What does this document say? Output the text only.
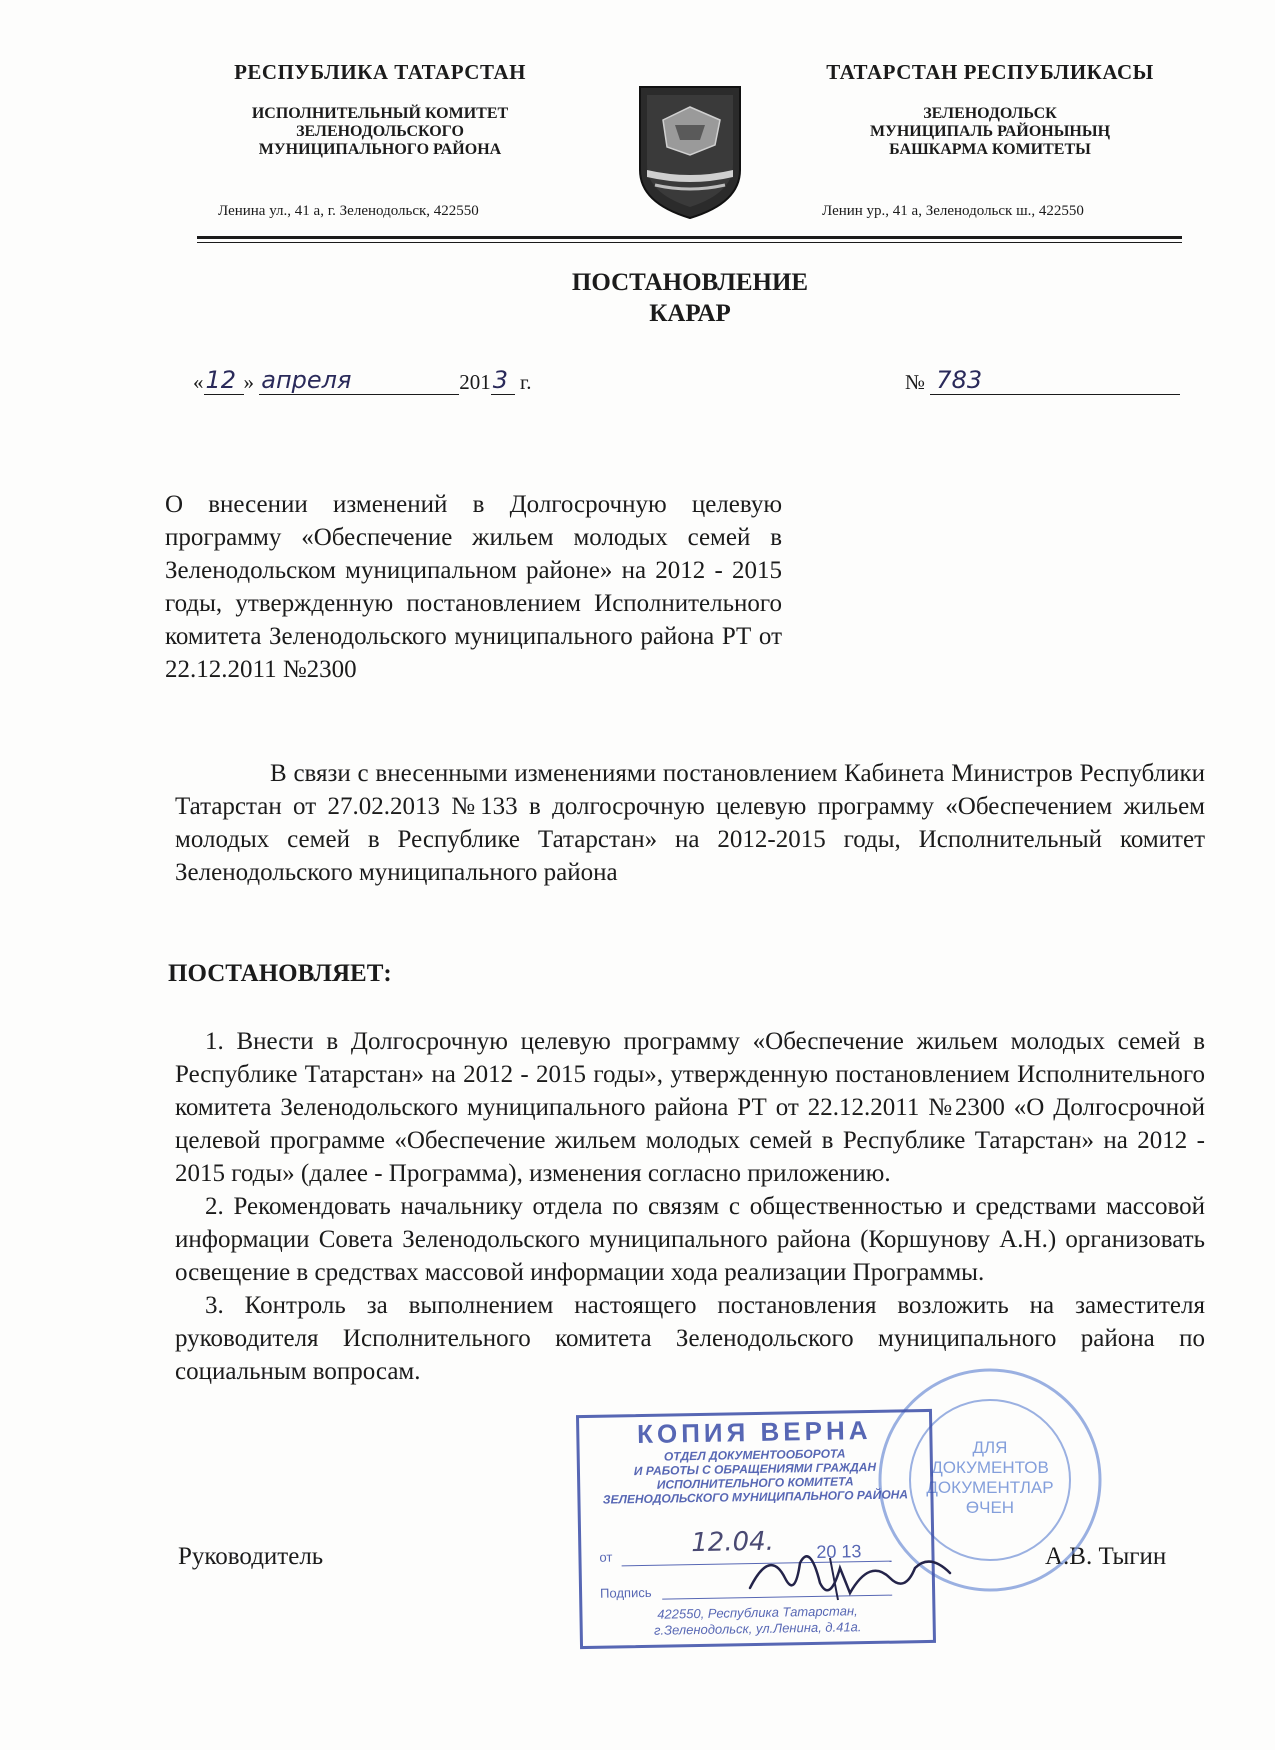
РЕСПУБЛИКА ТАТАРСТАН
ИСПОЛНИТЕЛЬНЫЙ КОМИТЕТ
ЗЕЛЕНОДОЛЬСКОГО
МУНИЦИПАЛЬНОГО РАЙОНА
Ленина ул., 41 а, г. Зеленодольск, 422550
ТАТАРСТАН РЕСПУБЛИКАСЫ
ЗЕЛЕНОДОЛЬСК
МУНИЦИПАЛЬ РАЙОНЫНЫҢ
БАШКАРМА КОМИТЕТЫ
Ленин ур., 41 а, Зеленодольск ш., 422550
ПОСТАНОВЛЕНИЕ
КАРАР
« 12 » апреля	201 3 г.	№ 783
О внесении изменений в Долгосрочную целевую программу «Обеспечение жильем молодых семей в Зеленодольском муниципальном районе» на 2012 - 2015 годы, утвержденную постановлением Исполнительного комитета Зеленодольского муниципального района РТ от 22.12.2011 №2300
В связи с внесенными изменениями постановлением Кабинета Министров Республики Татарстан от 27.02.2013 №133 в долгосрочную целевую программу «Обеспечением жильем молодых семей в Республике Татарстан» на 2012-2015 годы, Исполнительный комитет Зеленодольского муниципального района
ПОСТАНОВЛЯЕТ:

1. Внести в Долгосрочную целевую программу «Обеспечение жильем молодых семей в Республике Татарстан» на 2012 - 2015 годы», утвержденную постановлением Исполнительного комитета Зеленодольского муниципального района РТ от 22.12.2011 №2300 «О Долгосрочной целевой программе «Обеспечение жильем молодых семей в Республике Татарстан» на 2012 - 2015 годы» (далее - Программа), изменения согласно приложению.

2. Рекомендовать начальнику отдела по связям с общественностью и средствами массовой информации Совета Зеленодольского муниципального района (Коршунову А.Н.) организовать освещение в средствах массовой информации хода реализации Программы.

3. Контроль за выполнением настоящего постановления возложить на заместителя руководителя Исполнительного комитета Зеленодольского муниципального района по социальным вопросам.

Руководитель	А.В. Тыгин
ДЛЯ
ДОКУМЕНТОВ
ДОКУМЕНТЛАР
ӨЧЕН
КОПИЯ ВЕРНА
ОТДЕЛ ДОКУМЕНТООБОРОТА
И РАБОТЫ С ОБРАЩЕНИЯМИ ГРАЖДАН
ИСПОЛНИТЕЛЬНОГО КОМИТЕТА
ЗЕЛЕНОДОЛЬСКОГО МУНИЦИПАЛЬНОГО РАЙОНА
от	12.04. 20 13
Подпись
422550, Республика Татарстан,
г.Зеленодольск, ул.Ленина, д.41а.
